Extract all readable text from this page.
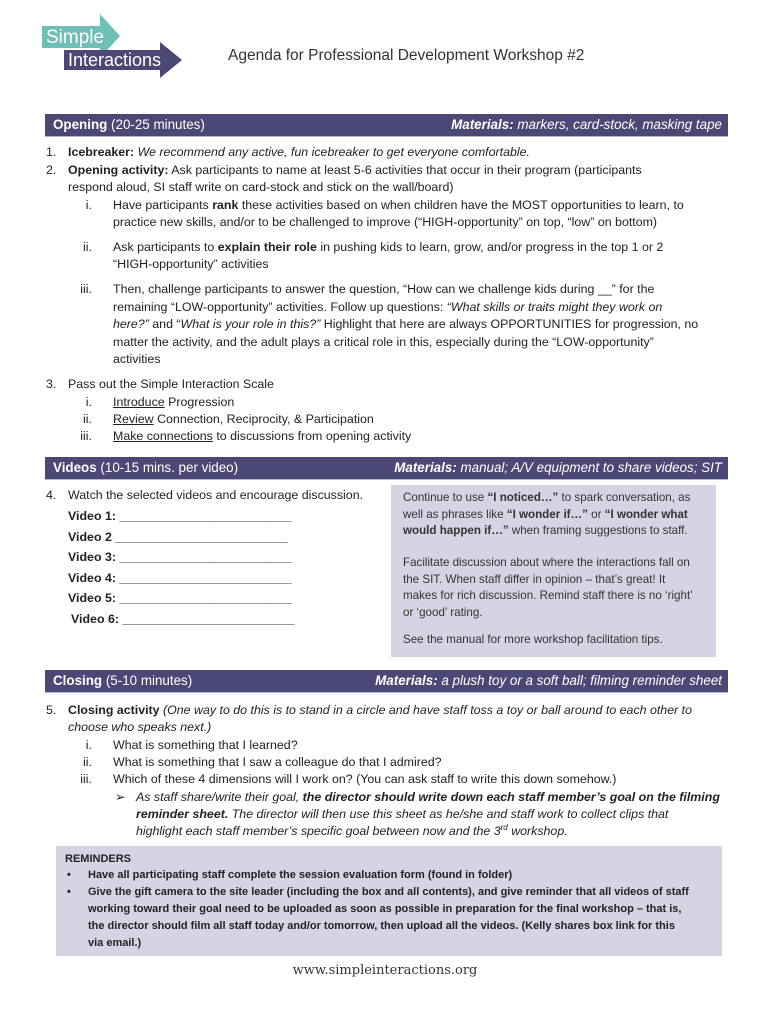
Simple
Interactions	Agenda for Professional Development Workshop #2
Opening (20-25 minutes)	Materials: markers, card-stock, masking tape
1. Icebreaker: We recommend any active, fun icebreaker to get everyone comfortable.
2. Opening activity: Ask participants to name at least 5-6 activities that occur in their program (participants
respond aloud, SI staff write on card-stock and stick on the wall/board)
i. Have participants rank these activities based on when children have the MOST opportunities to learn, to
practice new skills, and/or to be challenged to improve (“HIGH-opportunity” on top, “low” on bottom)
ii. Ask participants to explain their role in pushing kids to learn, grow, and/or progress in the top 1 or 2
“HIGH-opportunity” activities
iii. Then, challenge participants to answer the question, “How can we challenge kids during __” for the
remaining “LOW-opportunity” activities. Follow up questions: “What skills or traits might they work on
here?” and “What is your role in this?” Highlight that here are always OPPORTUNITIES for progression, no
matter the activity, and the adult plays a critical role in this, especially during the “LOW-opportunity”
activities
3. Pass out the Simple Interaction Scale
i. Introduce Progression
ii. Review Connection, Reciprocity, & Participation
iii. Make connections to discussions from opening activity
Videos (10-15 mins. per video)	Materials: manual; A/V equipment to share videos; SIT
4. Watch the selected videos and encourage discussion.
Video 1: _________________________
Video 2 _________________________
Video 3: _________________________
Video 4: _________________________
Video 5: _________________________
Video 6: _________________________

Continue to use “I noticed…” to spark conversation, as well as phrases like “I wonder if…” or “I wonder what would happen if…” when framing suggestions to staff.

Facilitate discussion about where the interactions fall on
the SIT. When staff differ in opinion – that’s great! It
makes for rich discussion. Remind staff there is no ‘right’
or ‘good’ rating.

See the manual for more workshop facilitation tips.

Closing (5-10 minutes)	Materials: a plush toy or a soft ball; filming reminder sheet
5. Closing activity (One way to do this is to stand in a circle and have staff toss a toy or ball around to each other to
choose who speaks next.)
i. What is something that I learned?
ii. What is something that I saw a colleague do that I admired?
iii. Which of these 4 dimensions will I work on? (You can ask staff to write this down somehow.)
➢ As staff share/write their goal, the director should write down each staff member’s goal on the filming
reminder sheet. The director will then use this sheet as he/she and staff work to collect clips that
highlight each staff member’s specific goal between now and the 3rd workshop.
REMINDERS
• Have all participating staff complete the session evaluation form (found in folder)
• Give the gift camera to the site leader (including the box and all contents), and give reminder that all videos of staff
working toward their goal need to be uploaded as soon as possible in preparation for the final workshop – that is,
the director should film all staff today and/or tomorrow, then upload all the videos. (Kelly shares box link for this
via email.)
www.simpleinteractions.org
